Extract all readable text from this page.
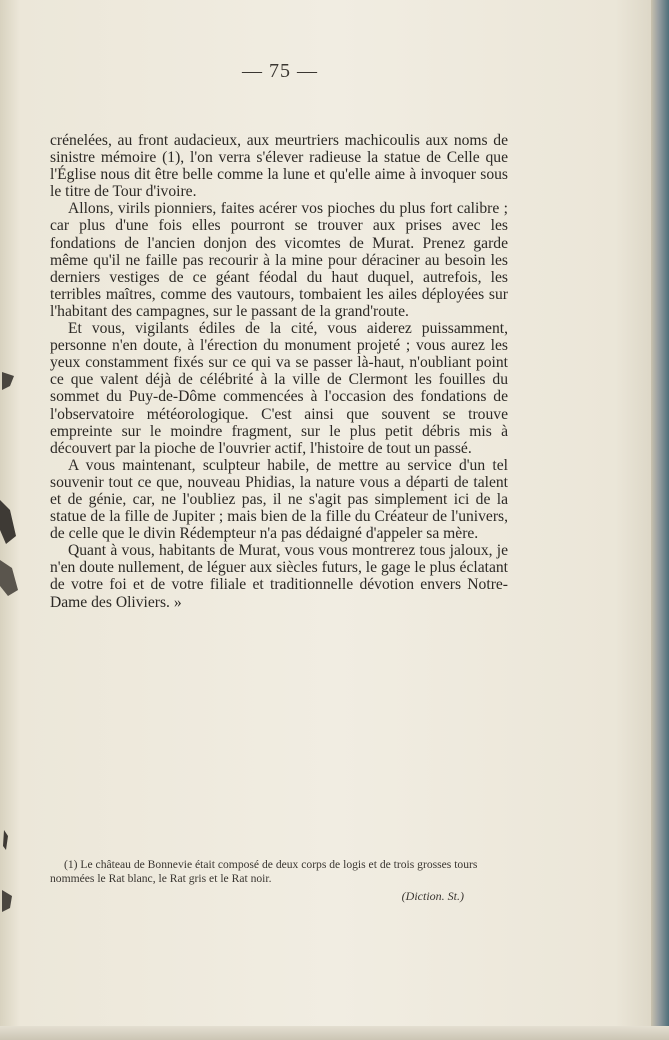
— 75 —

crénelées, au front audacieux, aux meurtriers machicoulis aux noms de sinistre mémoire (1), l'on verra s'élever radieuse la statue de Celle que l'Église nous dit être belle comme la lune et qu'elle aime à invoquer sous le titre de Tour d'ivoire.

Allons, virils pionniers, faites acérer vos pioches du plus fort calibre ; car plus d'une fois elles pourront se trouver aux prises avec les fondations de l'ancien donjon des vicomtes de Murat. Prenez garde même qu'il ne faille pas recourir à la mine pour déraciner au besoin les derniers vestiges de ce géant féodal du haut duquel, autrefois, les terribles maîtres, comme des vautours, tombaient les ailes déployées sur l'habitant des campagnes, sur le passant de la grand'route.

Et vous, vigilants édiles de la cité, vous aiderez puissamment, personne n'en doute, à l'érection du monument projeté ; vous aurez les yeux constamment fixés sur ce qui va se passer là-haut, n'oubliant point ce que valent déjà de célébrité à la ville de Clermont les fouilles du sommet du Puy-de-Dôme commencées à l'occasion des fondations de l'observatoire météorologique. C'est ainsi que souvent se trouve empreinte sur le moindre fragment, sur le plus petit débris mis à découvert par la pioche de l'ouvrier actif, l'histoire de tout un passé.

A vous maintenant, sculpteur habile, de mettre au service d'un tel souvenir tout ce que, nouveau Phidias, la nature vous a départi de talent et de génie, car, ne l'oubliez pas, il ne s'agit pas simplement ici de la statue de la fille de Jupiter ; mais bien de la fille du Créateur de l'univers, de celle que le divin Rédempteur n'a pas dédaigné d'appeler sa mère.

Quant à vous, habitants de Murat, vous vous montrerez tous jaloux, je n'en doute nullement, de léguer aux siècles futurs, le gage le plus éclatant de votre foi et de votre filiale et traditionnelle dévotion envers Notre-Dame des Oliviers. »

(1) Le château de Bonnevie était composé de deux corps de logis et de trois grosses tours nommées le Rat blanc, le Rat gris et le Rat noir.

(Diction. St.)
